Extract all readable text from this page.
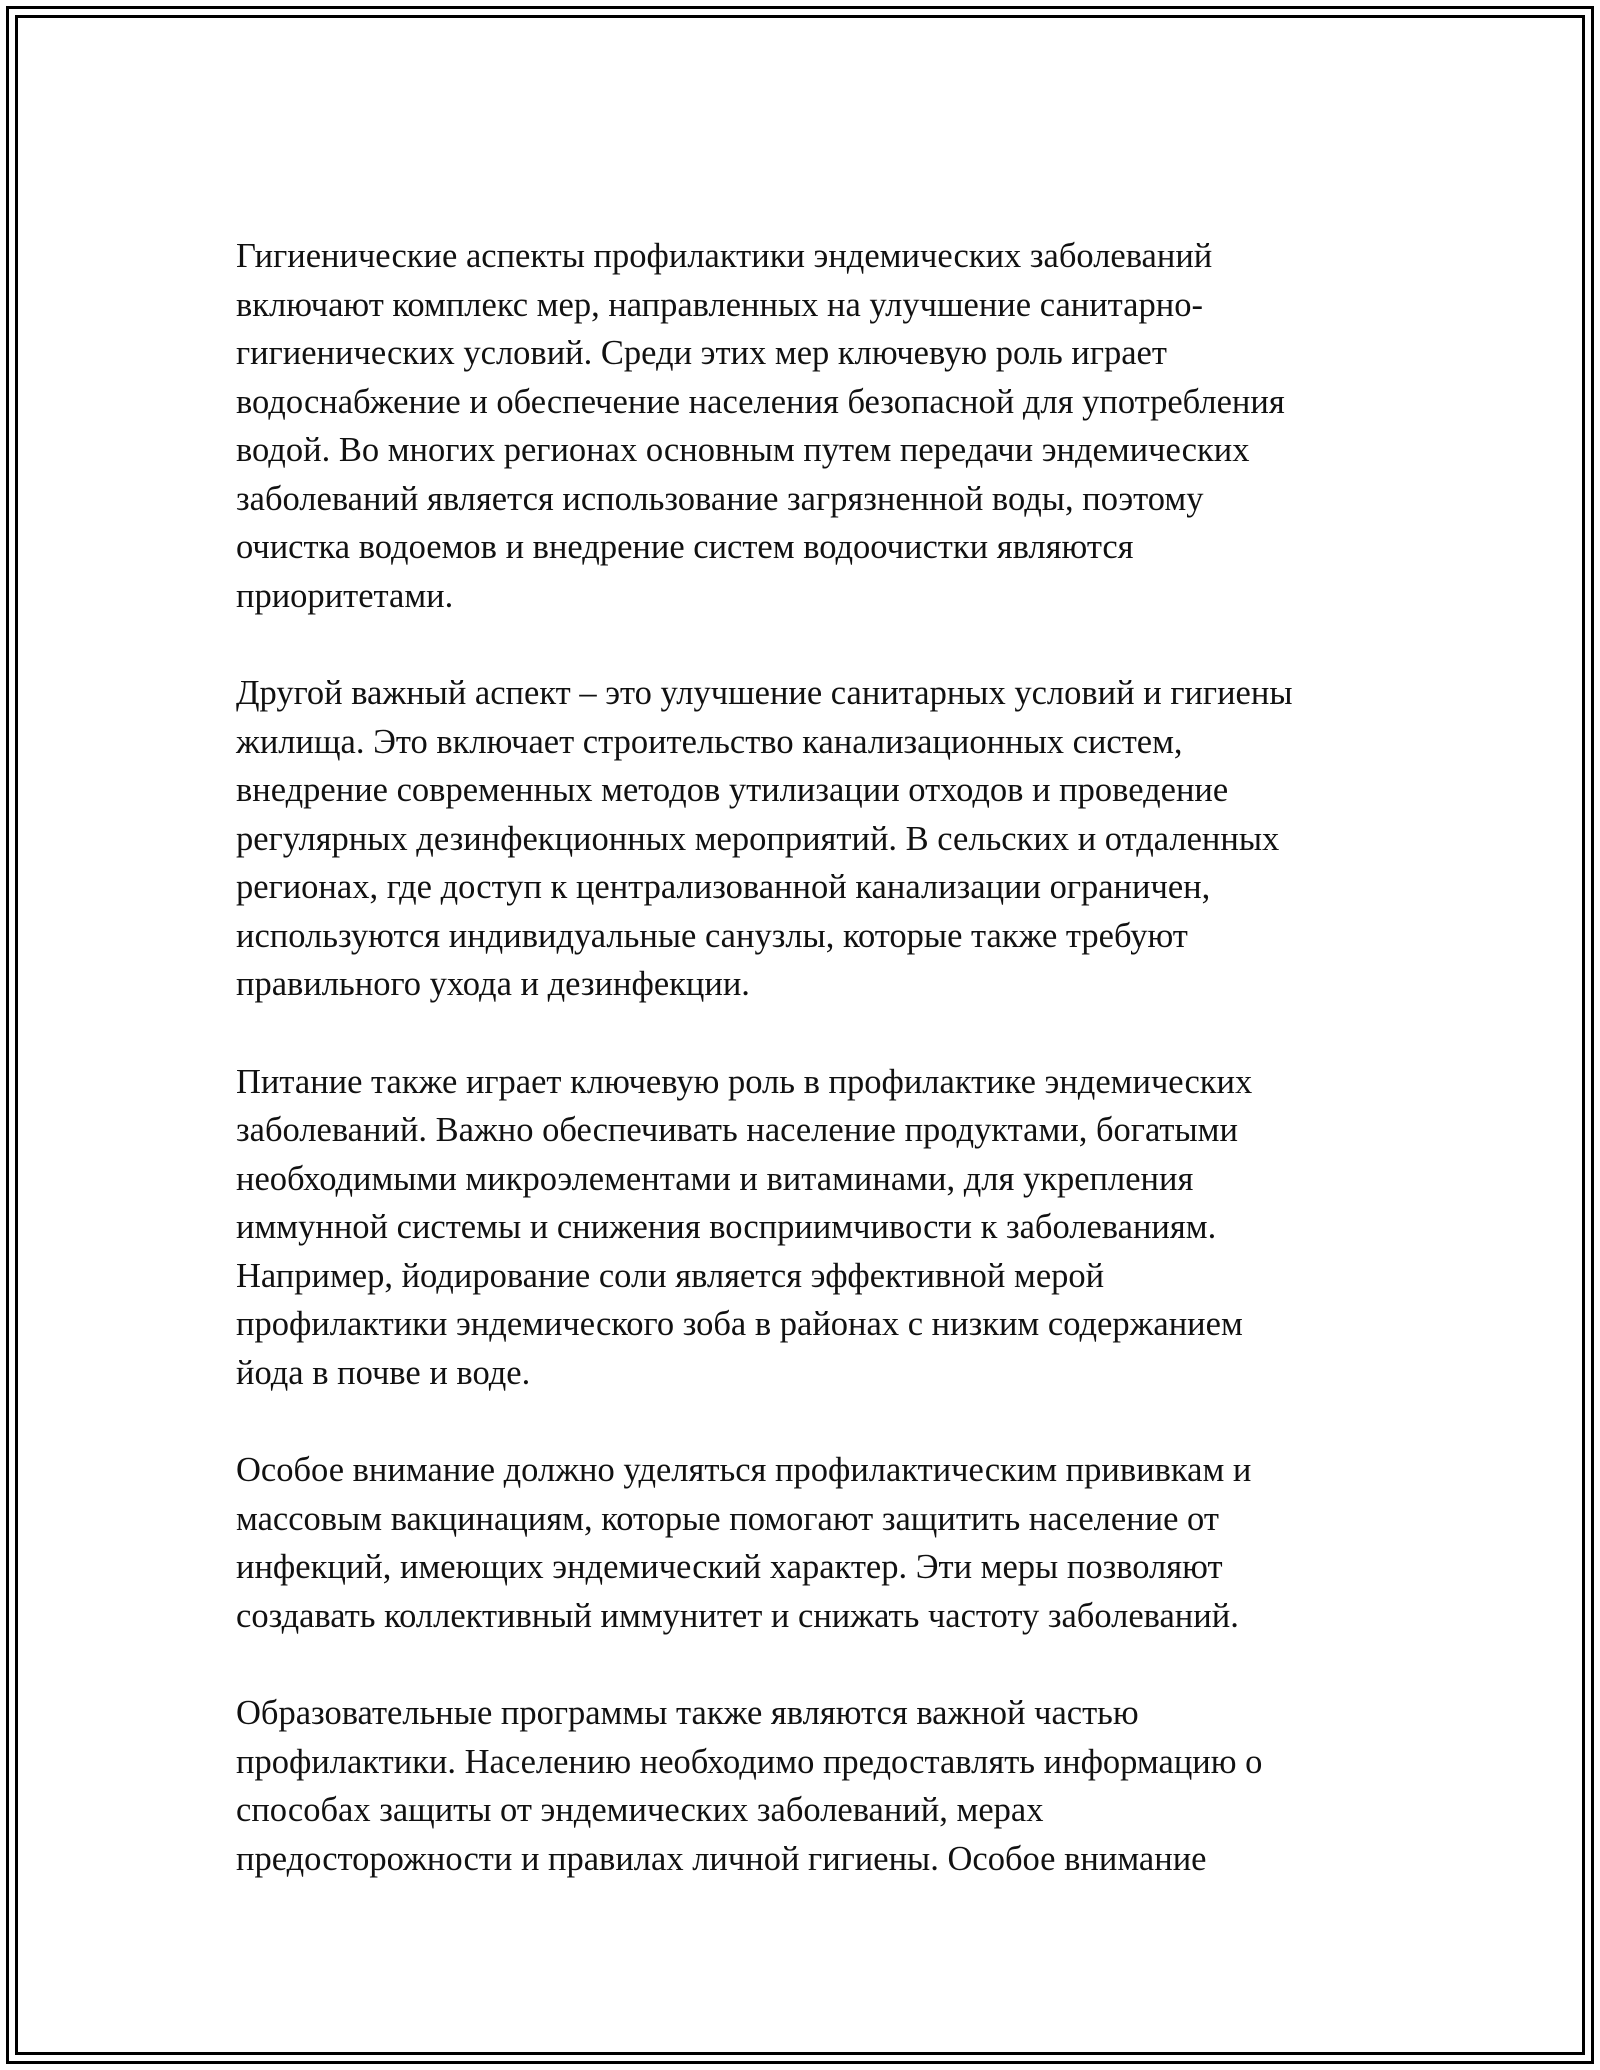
Гигиенические аспекты профилактики эндемических заболеваний
включают комплекс мер, направленных на улучшение санитарно-
гигиенических условий. Среди этих мер ключевую роль играет
водоснабжение и обеспечение населения безопасной для употребления
водой. Во многих регионах основным путем передачи эндемических
заболеваний является использование загрязненной воды, поэтому
очистка водоемов и внедрение систем водоочистки являются
приоритетами.

Другой важный аспект – это улучшение санитарных условий и гигиены
жилища. Это включает строительство канализационных систем,
внедрение современных методов утилизации отходов и проведение
регулярных дезинфекционных мероприятий. В сельских и отдаленных
регионах, где доступ к централизованной канализации ограничен,
используются индивидуальные санузлы, которые также требуют
правильного ухода и дезинфекции.

Питание также играет ключевую роль в профилактике эндемических
заболеваний. Важно обеспечивать население продуктами, богатыми
необходимыми микроэлементами и витаминами, для укрепления
иммунной системы и снижения восприимчивости к заболеваниям.
Например, йодирование соли является эффективной мерой
профилактики эндемического зоба в районах с низким содержанием
йода в почве и воде.

Особое внимание должно уделяться профилактическим прививкам и
массовым вакцинациям, которые помогают защитить население от
инфекций, имеющих эндемический характер. Эти меры позволяют
создавать коллективный иммунитет и снижать частоту заболеваний.

Образовательные программы также являются важной частью
профилактики. Населению необходимо предоставлять информацию о
способах защиты от эндемических заболеваний, мерах
предосторожности и правилах личной гигиены. Особое внимание
